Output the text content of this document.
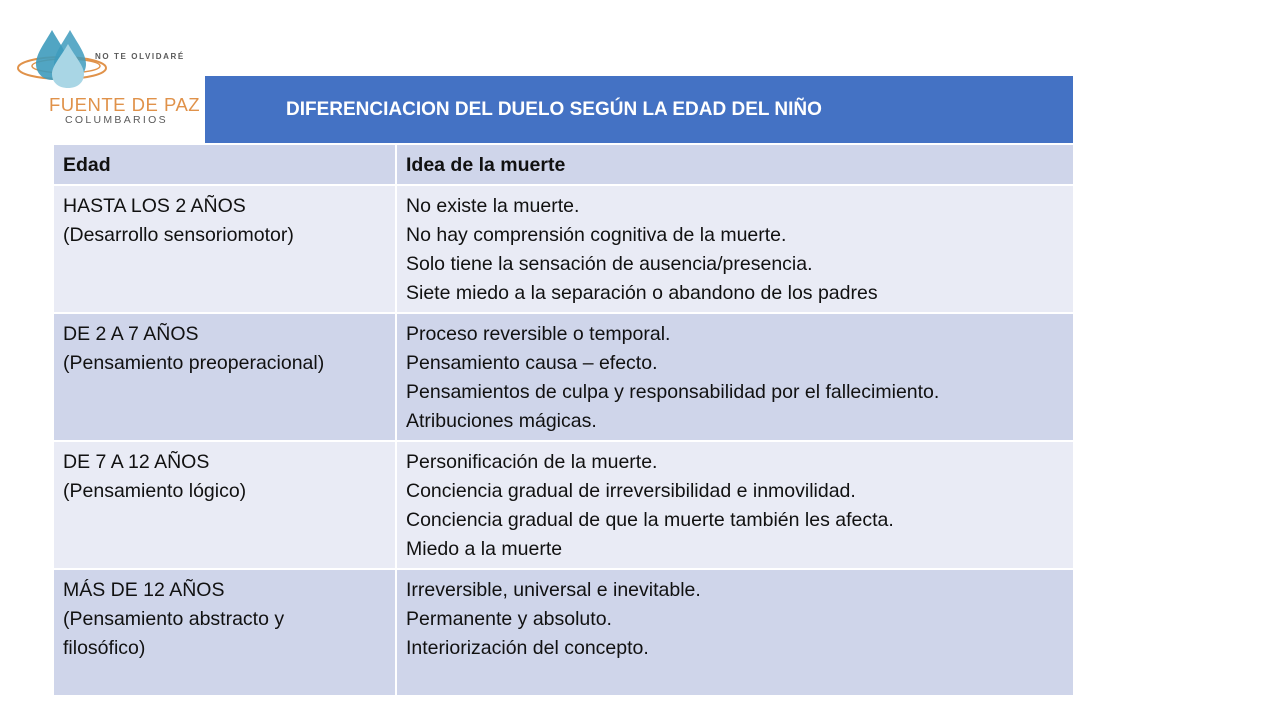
NO TE OLVIDARÉ
FUENTE DE PAZ
COLUMBARIOS
DIFERENCIACION DEL DUELO SEGÚN LA EDAD DEL NIÑO
Edad	Idea de la muerte

HASTA LOS 2 AÑOS
(Desarrollo sensoriomotor)	No existe la muerte.
No hay comprensión cognitiva de la muerte.
Solo tiene la sensación de ausencia/presencia.
Siete miedo a la separación o abandono de los padres

DE 2 A 7 AÑOS
(Pensamiento preoperacional)	Proceso reversible o temporal.
Pensamiento causa – efecto.
Pensamientos de culpa y responsabilidad por el fallecimiento.
Atribuciones mágicas.

DE 7 A 12 AÑOS
(Pensamiento lógico)	Personificación de la muerte.
Conciencia gradual de irreversibilidad e inmovilidad.
Conciencia gradual de que la muerte también les afecta.
Miedo a la muerte

MÁS DE 12 AÑOS
(Pensamiento abstracto y
filosófico)	Irreversible, universal e inevitable.
Permanente y absoluto.
Interiorización del concepto.
